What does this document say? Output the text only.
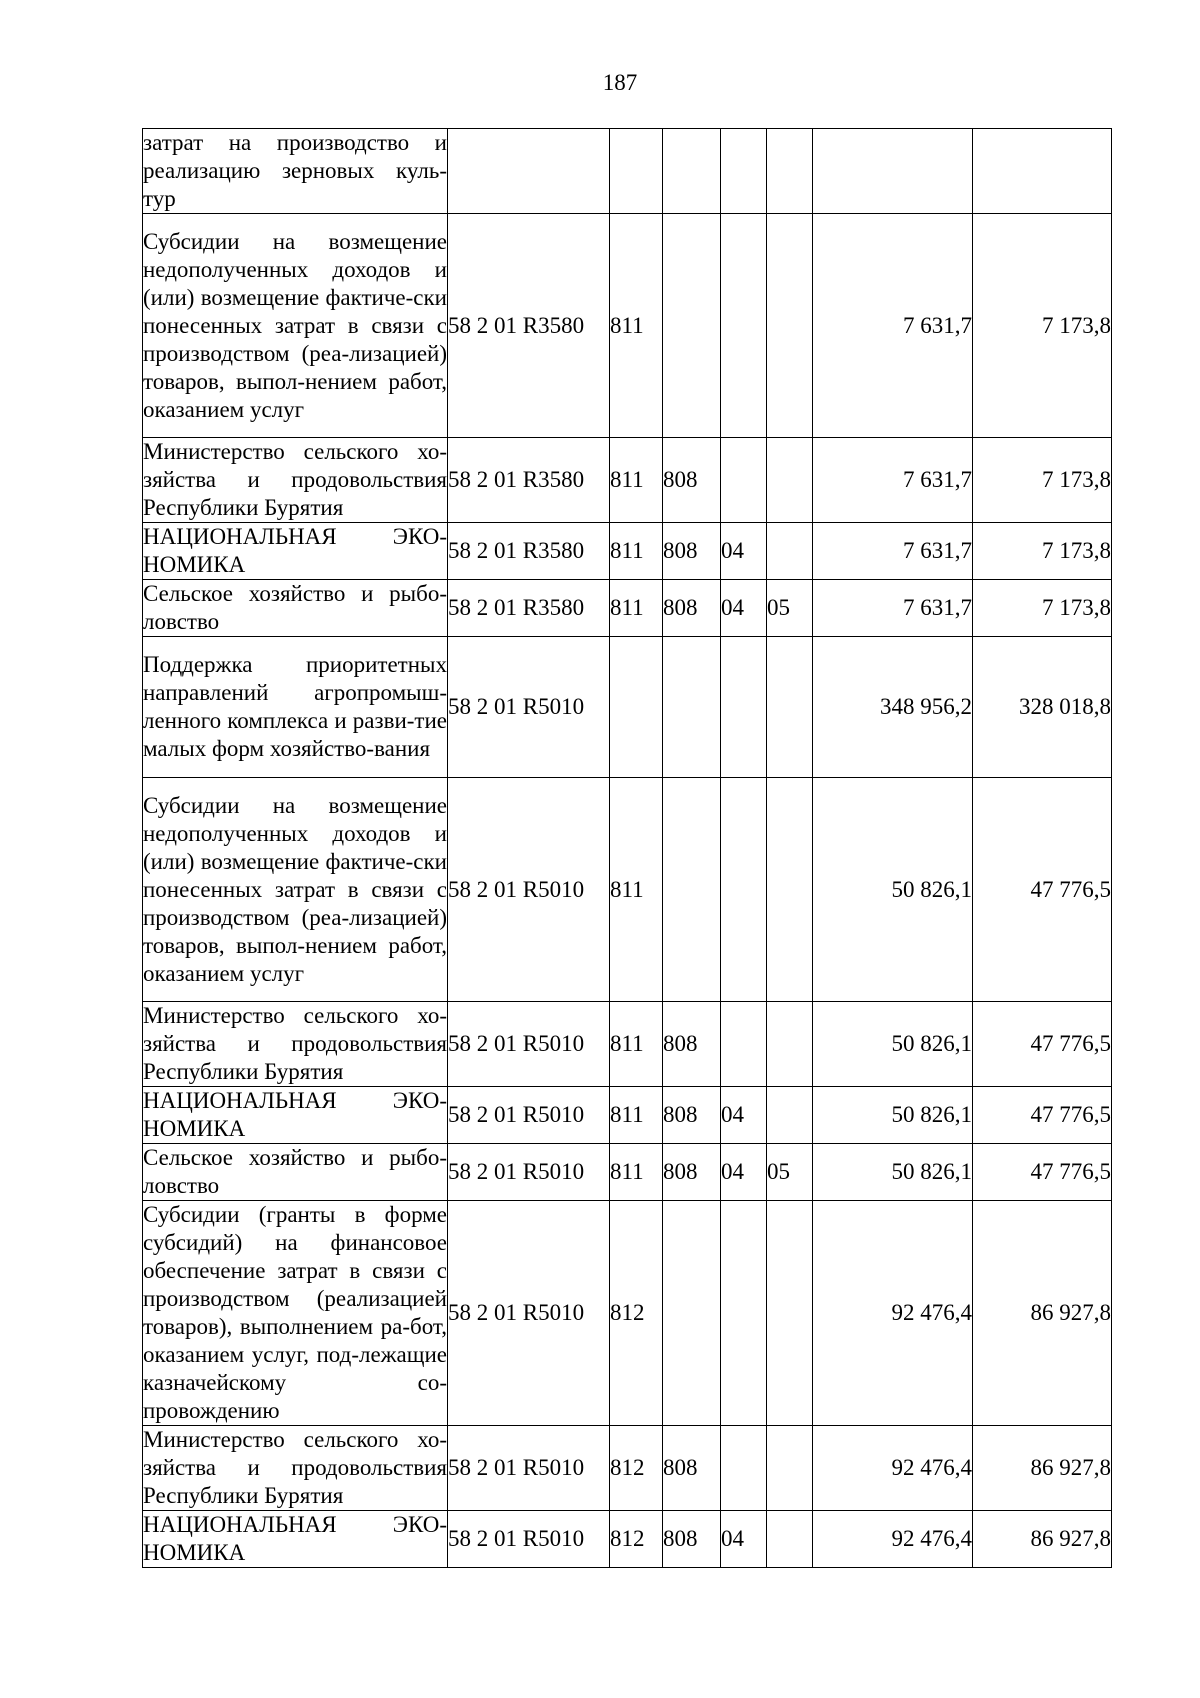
187
затрат на производство и реализацию зерновых куль-тур							
Субсидии на возмещение недополученных доходов и (или) возмещение фактиче-ски понесенных затрат в связи с производством (реа-лизацией) товаров, выпол-нением работ, оказанием услуг	58 2 01 R3580	811				7 631,7	7 173,8
Министерство сельского хо-зяйства и продовольствия Республики Бурятия	58 2 01 R3580	811	808			7 631,7	7 173,8
НАЦИОНАЛЬНАЯ ЭКО-НОМИКА	58 2 01 R3580	811	808	04		7 631,7	7 173,8
Сельское хозяйство и рыбо-ловство	58 2 01 R3580	811	808	04	05	7 631,7	7 173,8
Поддержка приоритетных направлений агропромыш-ленного комплекса и разви-тие малых форм хозяйство-вания	58 2 01 R5010					348 956,2	328 018,8
Субсидии на возмещение недополученных доходов и (или) возмещение фактиче-ски понесенных затрат в связи с производством (реа-лизацией) товаров, выпол-нением работ, оказанием услуг	58 2 01 R5010	811				50 826,1	47 776,5
Министерство сельского хо-зяйства и продовольствия Республики Бурятия	58 2 01 R5010	811	808			50 826,1	47 776,5
НАЦИОНАЛЬНАЯ ЭКО-НОМИКА	58 2 01 R5010	811	808	04		50 826,1	47 776,5
Сельское хозяйство и рыбо-ловство	58 2 01 R5010	811	808	04	05	50 826,1	47 776,5
Субсидии (гранты в форме субсидий) на финансовое обеспечение затрат в связи с производством (реализацией товаров), выполнением ра-бот, оказанием услуг, под-лежащие казначейскому со-провождению	58 2 01 R5010	812				92 476,4	86 927,8
Министерство сельского хо-зяйства и продовольствия Республики Бурятия	58 2 01 R5010	812	808			92 476,4	86 927,8
НАЦИОНАЛЬНАЯ ЭКО-НОМИКА	58 2 01 R5010	812	808	04		92 476,4	86 927,8
